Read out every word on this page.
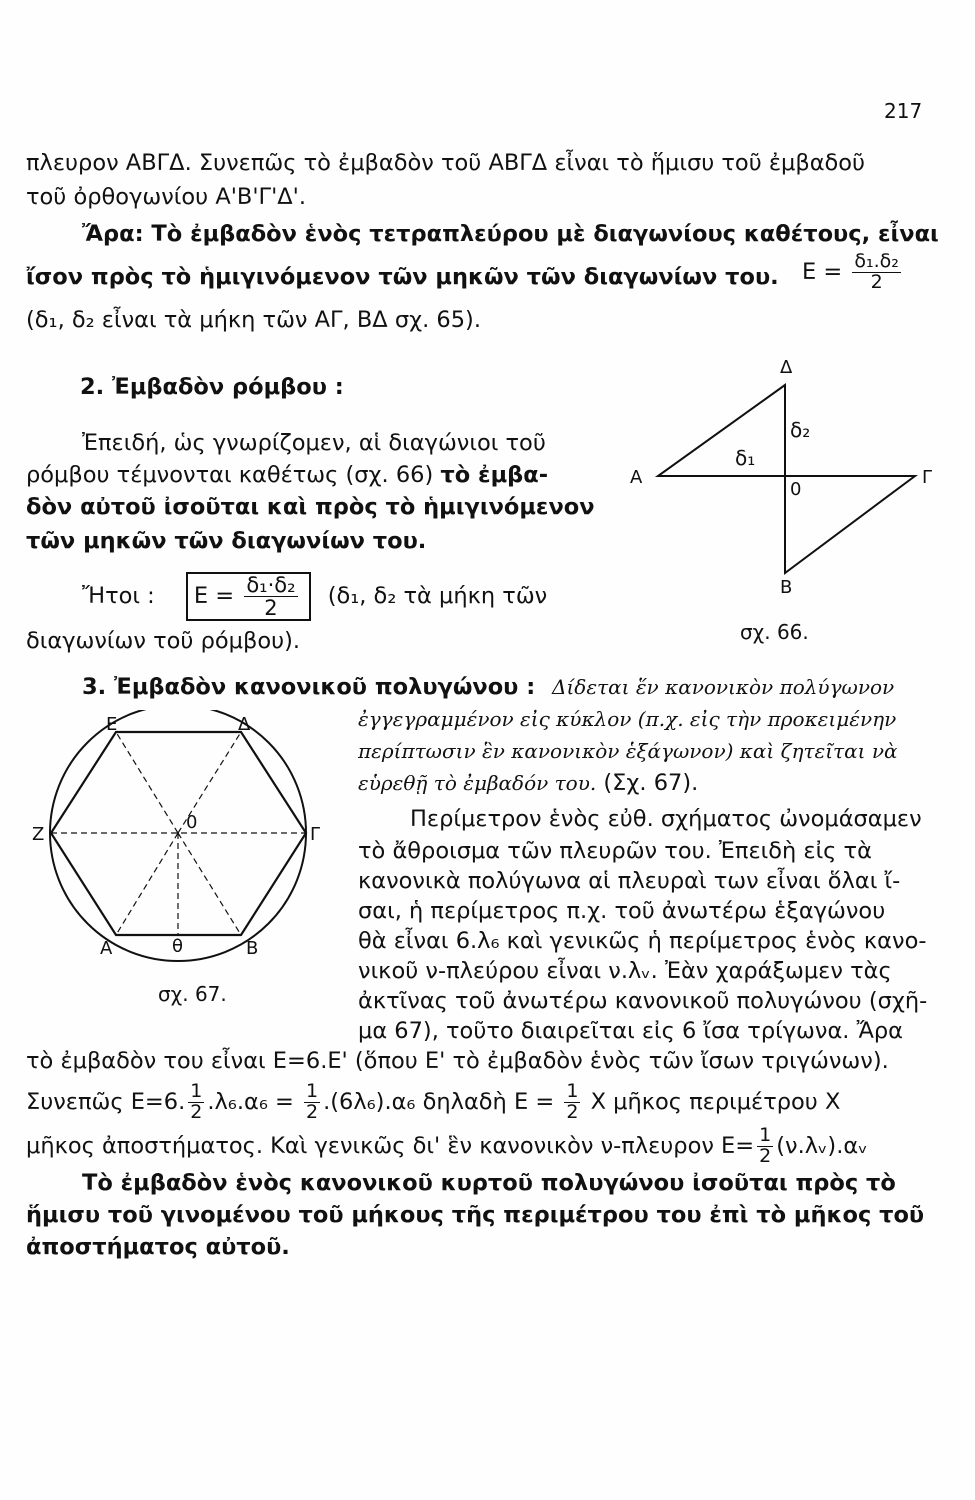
217
πλευρον ΑΒΓΔ. Συνεπῶς τὸ ἐμβαδὸν τοῦ ΑΒΓΔ εἶναι τὸ ἥμισυ τοῦ ἐμβαδοῦ
τοῦ ὀρθογωνίου Α'Β'Γ'Δ'.
Ἄρα: Τὸ ἐμβαδὸν ἑνὸς τετραπλεύρου μὲ διαγωνίους καθέτους, εἶναι
ἴσον πρὸς τὸ ἡμιγινόμενον τῶν μηκῶν τῶν διαγωνίων του. $E = \frac{\text{δ₁.δ₂}}{2}$
(δ₁, δ₂ εἶναι τὰ μήκη τῶν ΑΓ, ΒΔ σχ. 65).
2. Ἐμβαδὸν ρόμβου :
Ἐπειδή, ὡς γνωρίζομεν, αἱ διαγώνιοι τοῦ
ρόμβου τέμνονται καθέτως (σχ. 66) τὸ ἐμβα-
δὸν αὐτοῦ ἰσοῦται καὶ πρὸς τὸ ἡμιγινόμενον
τῶν μηκῶν τῶν διαγωνίων του.
Ἤτοι : $E = \frac{\text{δ₁·δ₂}}{2} (\delta_1$, δ₂ τὰ μήκη τῶν
διαγωνίων τοῦ ρόμβου).
3. Ἐμβαδὸν κανονικοῦ πολυγώνου : Δίδεται ἕν κανονικὸν πολύγωνον
ἐγγεγραμμένον εἰς κύκλον (π.χ. εἰς τὴν προκειμένην
περίπτωσιν ἓν κανονικὸν ἑξάγωνον) καὶ ζητεῖται νὰ
εὑρεθῇ τὸ ἐμβαδόν του. (Σχ. 67).
Περίμετρον ἑνὸς εὐθ. σχήματος ὠνομάσαμεν
τὸ ἄθροισμα τῶν πλευρῶν του. Ἐπειδὴ εἰς τὰ
κανονικὰ πολύγωνα αἱ πλευραὶ των εἶναι ὅλαι ἴ-
σαι, ἡ περίμετρος π.χ. τοῦ ἀνωτέρω ἑξαγώνου
θὰ εἶναι 6.λ₆ καὶ γενικῶς ἡ περίμετρος ἑνὸς κανο-
νικοῦ ν-πλεύρου εἶναι ν.λᵥ. Ἐὰν χαράξωμεν τὰς
ἀκτῖνας τοῦ ἀνωτέρω κανονικοῦ πολυγώνου (σχῆ-
μα 67), τοῦτο διαιρεῖται εἰς 6 ἴσα τρίγωνα. Ἄρα
τὸ ἐμβαδὸν του εἶναι Ε=6.Ε' (ὅπου Ε' τὸ ἐμβαδὸν ἑνὸς τῶν ἴσων τριγώνων).
Συνεπῶς Ε=6. $\frac{1}{2} .\lambda_6.\alpha_6 = \frac{1}{2} .(6\lambda_6).\alpha_6$ δηλαδὴ $E = \frac{1}{2}$ Χ μῆκος περιμέτρου Χ
μῆκος ἀποστήματος. Καὶ γενικῶς δι' ἓν κανονικὸν ν-πλευρον $E= \frac{1}{2}$ (ν.λᵥ).αᵥ
Τὸ ἐμβαδὸν ἑνὸς κανονικοῦ κυρτοῦ πολυγώνου ἰσοῦται πρὸς τὸ
ἥμισυ τοῦ γινομένου τοῦ μήκους τῆς περιμέτρου του ἐπὶ τὸ μῆκος τοῦ
ἀποστήματος αὐτοῦ.
Δ
Α	Γ
Β
0
δ₁
δ₂
σχ. 66.
Ε	Δ
Ζ	Γ
Α	Β
0
θ
σχ. 67.
